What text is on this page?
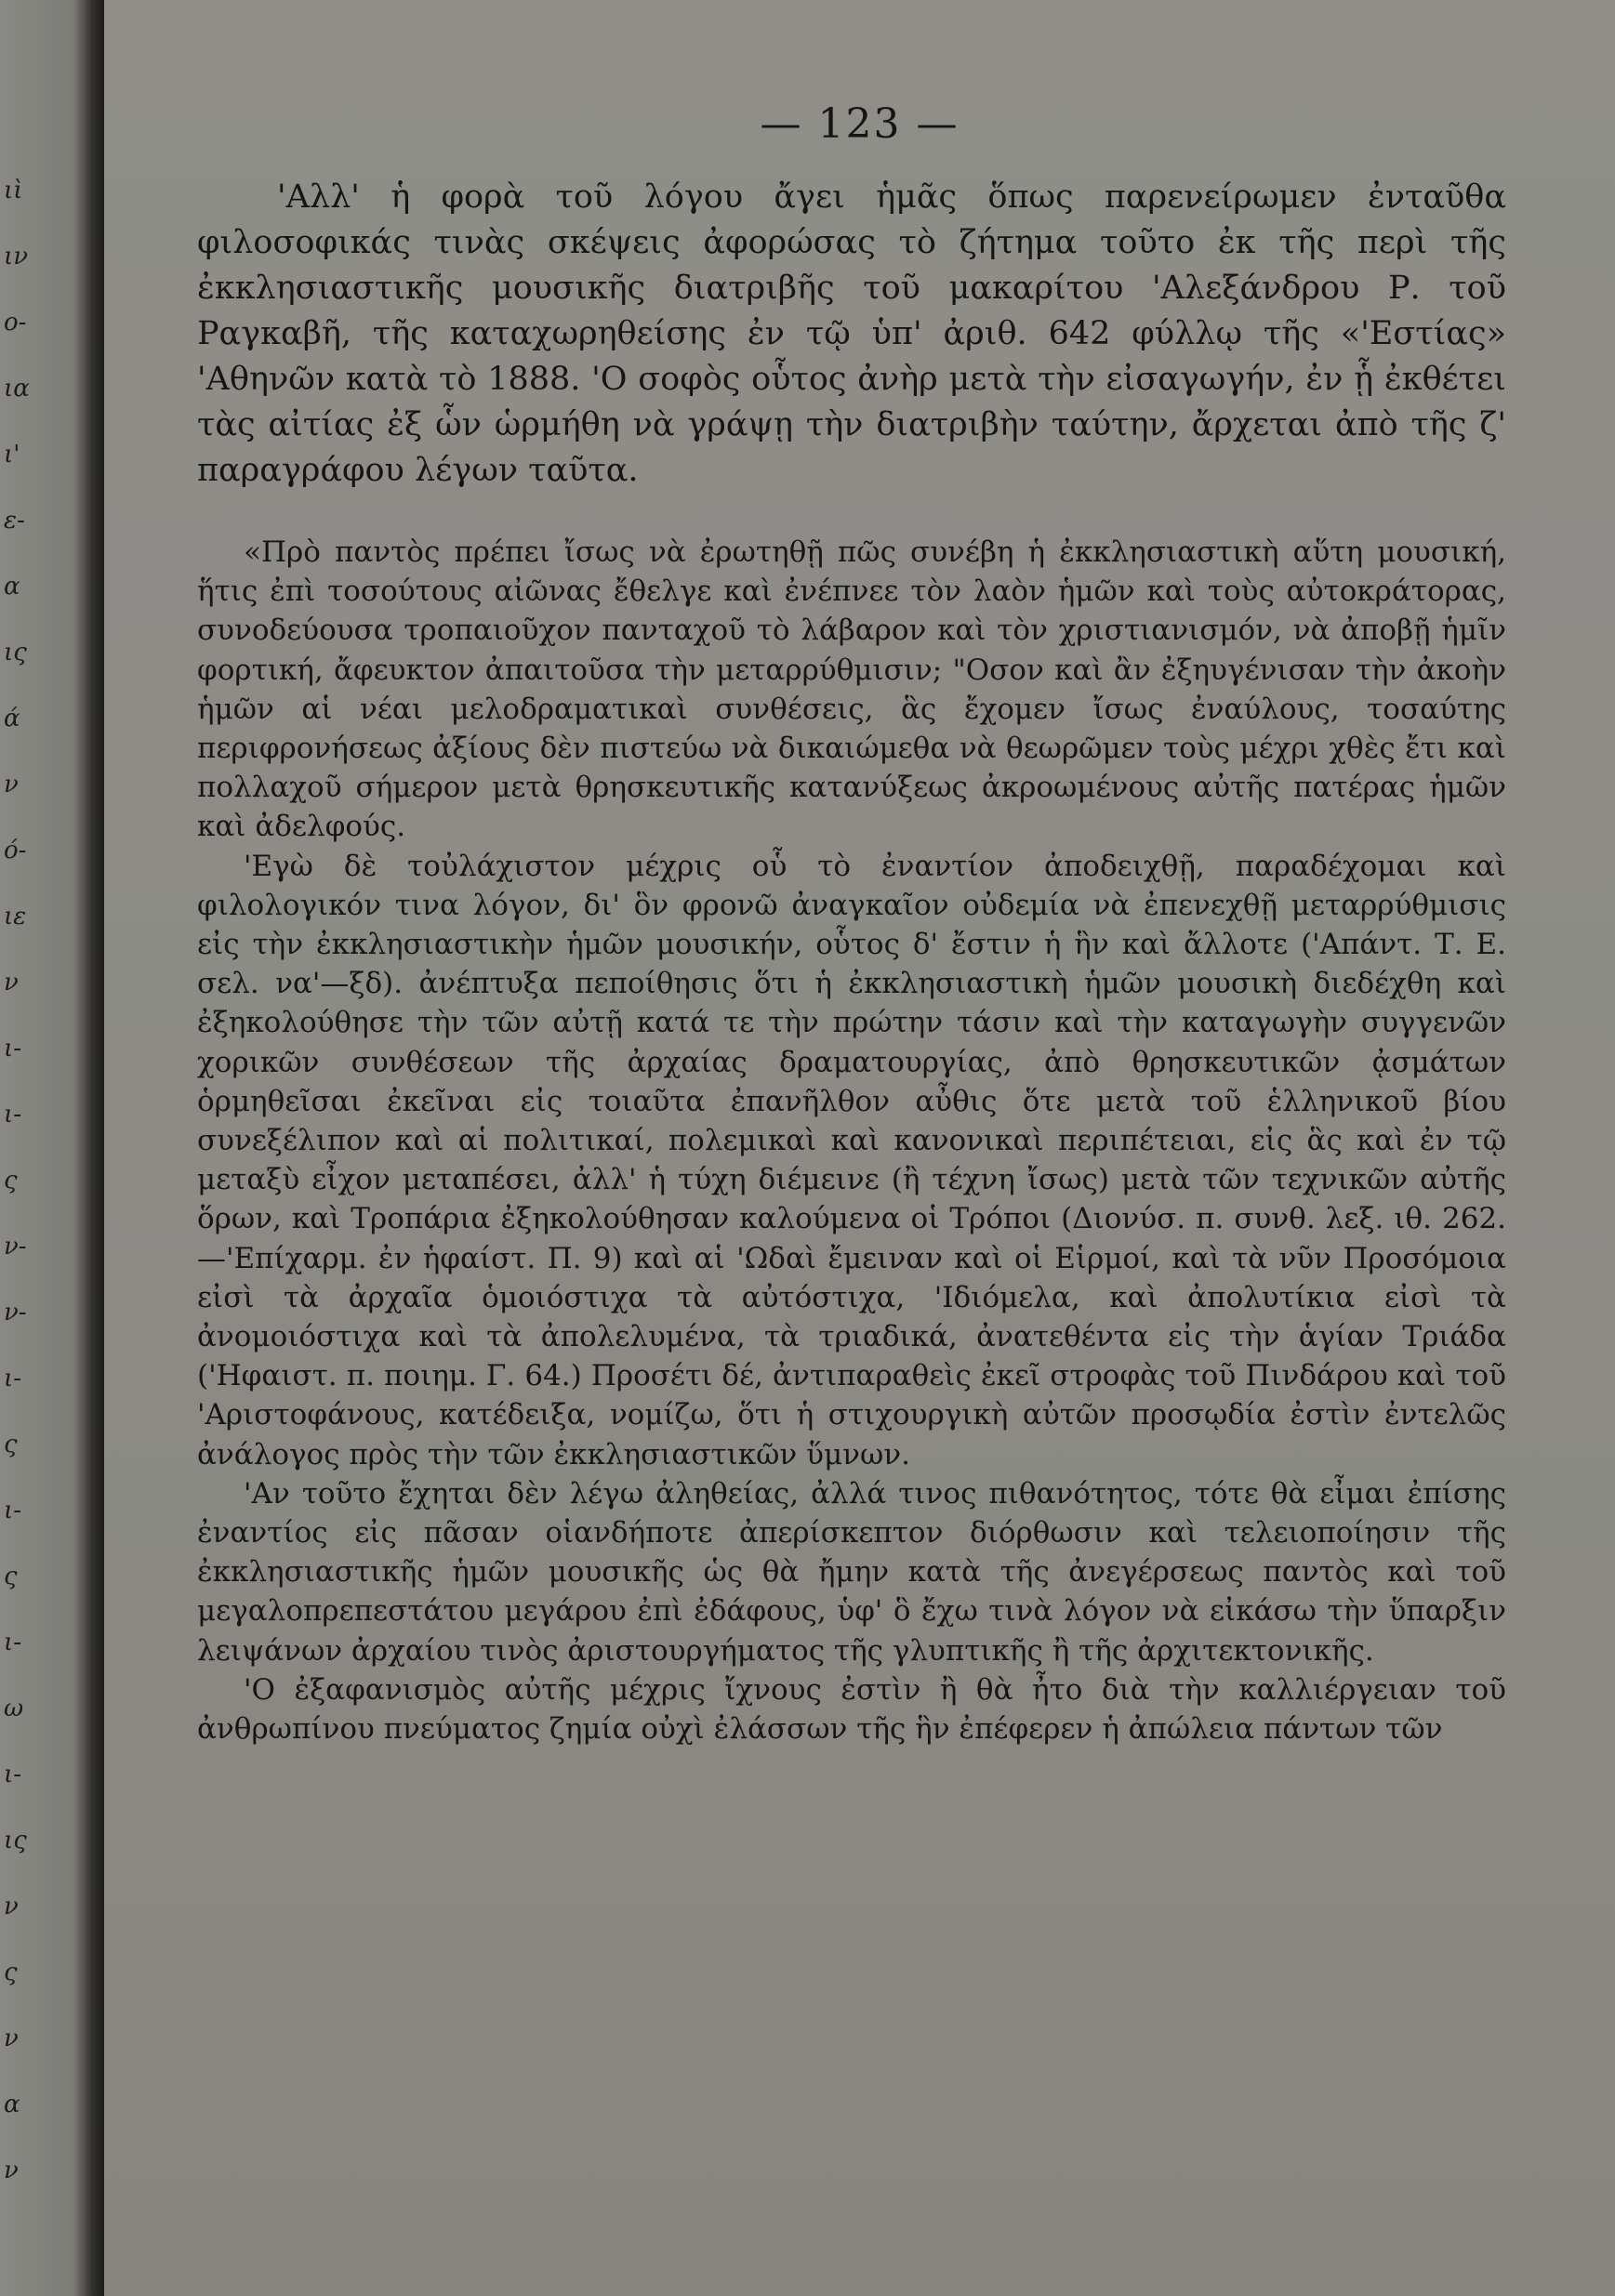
ιὶ
ιν
ο-
ια
ι'
ε-
α
ις
ά
ν
ό-
ιε
ν
ι-
ι-
ς
ν-
ν-
ι-
ς
ι-
ς
ι-
ω
ι-
ις
ν
ς
ν
α
ν
— 123 —

'Αλλ' ἡ φορὰ τοῦ λόγου ἄγει ἡμᾶς ὅπως παρενείρωμεν ἐνταῦθα φιλοσοφικάς τινὰς σκέψεις ἀφορώσας τὸ ζήτημα τοῦτο ἐκ τῆς περὶ τῆς ἐκκλησιαστικῆς μουσικῆς διατριβῆς τοῦ μακαρίτου 'Αλεξάνδρου Ρ. τοῦ Ραγκαβῆ, τῆς καταχωρηθείσης ἐν τῷ ὑπ' ἀριθ. 642 φύλλῳ τῆς «'Εστίας» 'Αθηνῶν κατὰ τὸ 1888. 'Ο σοφὸς οὗτος ἀνὴρ μετὰ τὴν εἰσαγωγήν, ἐν ᾗ ἐκθέτει τὰς αἰτίας ἐξ ὧν ὡρμήθη νὰ γράψῃ τὴν διατριβὴν ταύτην, ἄρχεται ἀπὸ τῆς ζ' παραγράφου λέγων ταῦτα.

«Πρὸ παντὸς πρέπει ἴσως νὰ ἐρωτηθῇ πῶς συνέβη ἡ ἐκκλησιαστικὴ αὕτη μουσική, ἥτις ἐπὶ τοσούτους αἰῶνας ἔθελγε καὶ ἐνέπνεε τὸν λαὸν ἡμῶν καὶ τοὺς αὐτοκράτορας, συνοδεύουσα τροπαιοῦχον πανταχοῦ τὸ λάβαρον καὶ τὸν χριστιανισμόν, νὰ ἀποβῇ ἡμῖν φορτική, ἄφευκτον ἀπαιτοῦσα τὴν μεταρρύθμισιν; "Οσον καὶ ἂν ἐξηυγένισαν τὴν ἀκοὴν ἡμῶν αἱ νέαι μελοδραματικαὶ συνθέσεις, ἃς ἔχομεν ἴσως ἐναύλους, τοσαύτης περιφρονήσεως ἀξίους δὲν πιστεύω νὰ δικαιώμεθα νὰ θεωρῶμεν τοὺς μέχρι χθὲς ἔτι καὶ πολλαχοῦ σήμερον μετὰ θρησκευτικῆς κατανύξεως ἀκροωμένους αὐτῆς πατέρας ἡμῶν καὶ ἀδελφούς.

'Εγὼ δὲ τοὐλάχιστον μέχρις οὗ τὸ ἐναντίον ἀποδειχθῇ, παραδέχομαι καὶ φιλολογικόν τινα λόγον, δι' ὃν φρονῶ ἀναγκαῖον οὐδεμία νὰ ἐπενεχθῇ μεταρρύθμισις εἰς τὴν ἐκκλησιαστικὴν ἡμῶν μουσικήν, οὗτος δ' ἔστιν ἡ ἣν καὶ ἄλλοτε ('Απάντ. Τ. Ε. σελ. να'—ξδ). ἀνέπτυξα πεποίθησις ὅτι ἡ ἐκκλησιαστικὴ ἡμῶν μουσικὴ διεδέχθη καὶ ἐξηκολούθησε τὴν τῶν αὐτῇ κατά τε τὴν πρώτην τάσιν καὶ τὴν καταγωγὴν συγγενῶν χορικῶν συνθέσεων τῆς ἀρχαίας δραματουργίας, ἀπὸ θρησκευτικῶν ᾀσμάτων ὁρμηθεῖσαι ἐκεῖναι εἰς τοιαῦτα ἐπανῆλθον αὖθις ὅτε μετὰ τοῦ ἑλληνικοῦ βίου συνεξέλιπον καὶ αἱ πολιτικαί, πολεμικαὶ καὶ κανονικαὶ περιπέτειαι, εἰς ἃς καὶ ἐν τῷ μεταξὺ εἶχον μεταπέσει, ἀλλ' ἡ τύχη διέμεινε (ἢ τέχνη ἴσως) μετὰ τῶν τεχνικῶν αὐτῆς ὅρων, καὶ Τροπάρια ἐξηκολούθησαν καλούμενα οἱ Τρόποι (Διονύσ. π. συνθ. λεξ. ιθ. 262.—'Επίχαρμ. ἐν ἡφαίστ. Π. 9) καὶ αἱ 'Ωδαὶ ἔμειναν καὶ οἱ Εἱρμοί, καὶ τὰ νῦν Προσόμοια εἰσὶ τὰ ἀρχαῖα ὁμοιόστιχα τὰ αὐτόστιχα, 'Ιδιόμελα, καὶ ἀπολυτίκια εἰσὶ τὰ ἀνομοιόστιχα καὶ τὰ ἀπολελυμένα, τὰ τριαδικά, ἀνατεθέντα εἰς τὴν ἁγίαν Τριάδα ('Ηφαιστ. π. ποιημ. Γ. 64.) Προσέτι δέ, ἀντιπαραθεὶς ἐκεῖ στροφὰς τοῦ Πινδάρου καὶ τοῦ 'Αριστοφάνους, κατέδειξα, νομίζω, ὅτι ἡ στιχουργικὴ αὐτῶν προσῳδία ἐστὶν ἐντελῶς ἀνάλογος πρὸς τὴν τῶν ἐκκλησιαστικῶν ὕμνων.

'Αν τοῦτο ἔχηται δὲν λέγω ἀληθείας, ἀλλά τινος πιθανότητος, τότε θὰ εἶμαι ἐπίσης ἐναντίος εἰς πᾶσαν οἱανδήποτε ἀπερίσκεπτον διόρθωσιν καὶ τελειοποίησιν τῆς ἐκκλησιαστικῆς ἡμῶν μουσικῆς ὡς θὰ ἤμην κατὰ τῆς ἀνεγέρσεως παντὸς καὶ τοῦ μεγαλοπρεπεστάτου μεγάρου ἐπὶ ἐδάφους, ὑφ' ὃ ἔχω τινὰ λόγον νὰ εἰκάσω τὴν ὕπαρξιν λειψάνων ἀρχαίου τινὸς ἀριστουργήματος τῆς γλυπτικῆς ἢ τῆς ἀρχιτεκτονικῆς.

'Ο ἐξαφανισμὸς αὐτῆς μέχρις ἴχνους ἐστὶν ἢ θὰ ἦτο διὰ τὴν καλλιέργειαν τοῦ ἀνθρωπίνου πνεύματος ζημία οὐχὶ ἐλάσσων τῆς ἣν ἐπέφερεν ἡ ἀπώλεια πάντων τῶν
